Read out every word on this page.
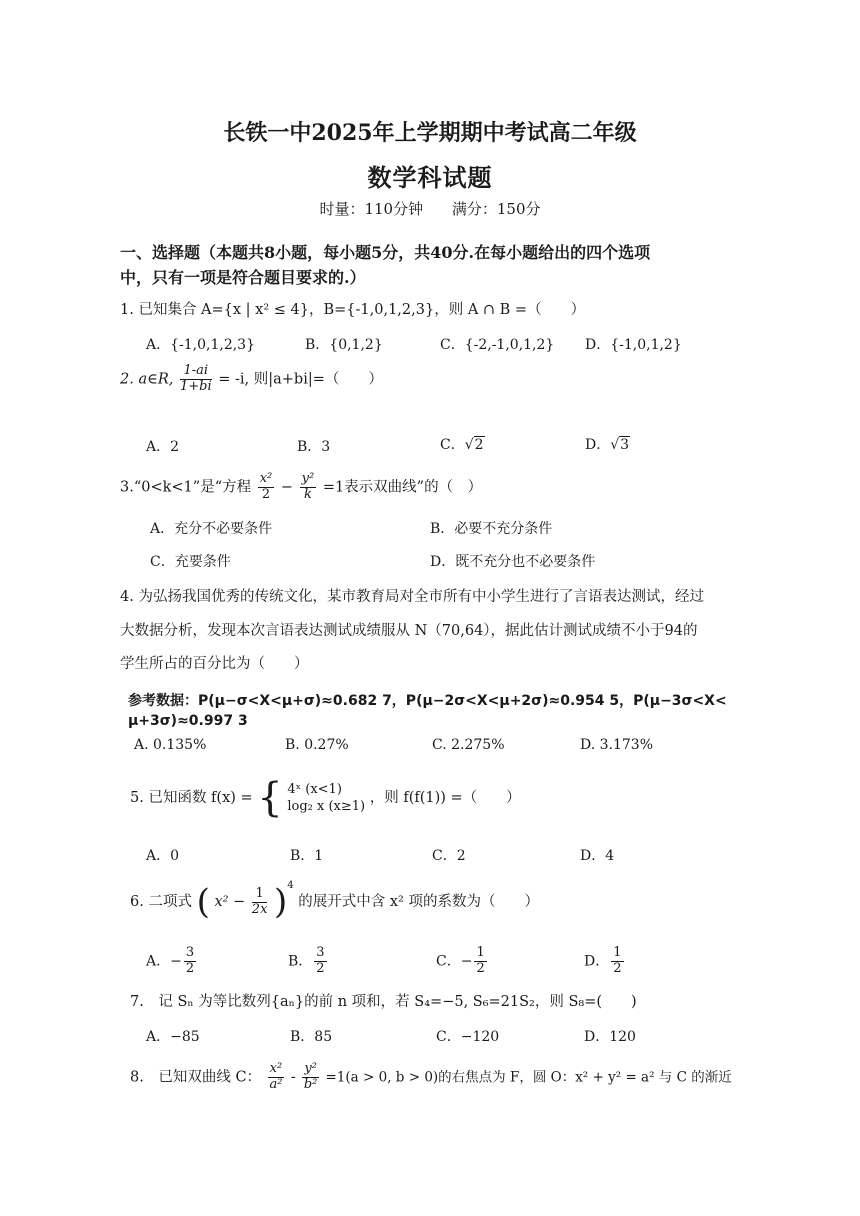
长铁一中2025年上学期期中考试高二年级
数学科试题
时量：110分钟 满分：150分
一、选择题（本题共8小题，每小题5分，共40分.在每小题给出的四个选项
中，只有一项是符合题目要求的.）
1. 已知集合 A={x | x² ≤ 4}，B={-1,0,1,2,3}，则 A ∩ B =（　　）
A．{-1,0,1,2,3}	B．{0,1,2}	C．{-2,-1,0,1,2} D．{-1,0,1,2}
2. a∈R, $\frac{1-ai}{1+bi} = -i$, 则|a+bi|=（　　）
A．2	B．3	C．√2	D．√3
3.“0<k<1”是“方程 $\frac{\text{x²}}{2} - \frac{\text{y²}}{k} =1$表示双曲线”的（　）
A．充分不必要条件	B．必要不充分条件
C．充要条件	D．既不充分也不必要条件
4. 为弘扬我国优秀的传统文化，某市教育局对全市所有中小学生进行了言语表达测试，经过
大数据分析，发现本次言语表达测试成绩服从 N（70,64），据此估计测试成绩不小于94的
学生所占的百分比为（　　）
参考数据：P(μ−σ<X<μ+σ)≈0.682 7，P(μ−2σ<X<μ+2σ)≈0.954 5，P(μ−3σ<X<
μ+3σ)≈0.997 3
A. 0.135%	B. 0.27%	C. 2.275%	D. 3.173%
5. 已知函数 f(x) = { 4ˣ (x<1)
log₂ x (x≥1)
，则 f(f(1)) =（　　）
A．0	B．1	C．2	D．4
6. 二项式 ( $x^2 - \frac{1}{2x} )^4$ 的展开式中含 x² 项的系数为（　　）
A．− $\frac{3}{2}$	B． $\frac{3}{2}$	C．− $\frac{1}{2}$	D． $\frac{1}{2}$
7.　记 Sₙ 为等比数列{aₙ}的前 n 项和，若 S₄=−5, S₆=21S₂，则 S₈=(　　)
A．−85	B．85	C．−120	D．120
8.　已知双曲线 C： $\frac{\text{x²}}{\text{a²}} - \frac{\text{y²}}{\text{b²}} =1(a > 0$, b > 0)的右焦点为 F，圆 O：x² + y² = a² 与 C 的渐近
